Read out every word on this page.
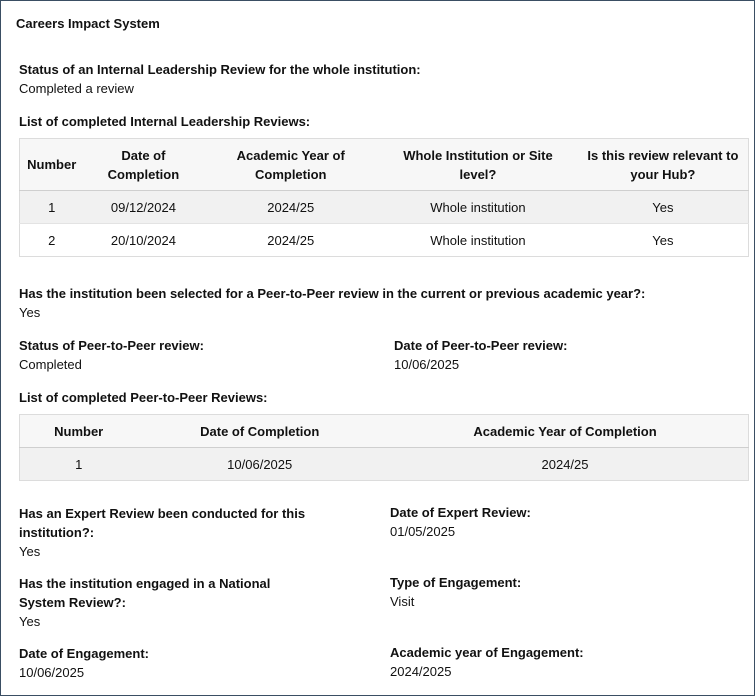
Careers Impact System
Status of an Internal Leadership Review for the whole institution:
Completed a review
List of completed Internal Leadership Reviews:
Number	Date of Completion	Academic Year of Completion	Whole Institution or Site level?	Is this review relevant to your Hub?
1	09/12/2024	2024/25	Whole institution	Yes
2	20/10/2024	2024/25	Whole institution	Yes
Has the institution been selected for a Peer-to-Peer review in the current or previous academic year?:
Yes
Status of Peer-to-Peer review:
Completed
Date of Peer-to-Peer review:
10/06/2025
List of completed Peer-to-Peer Reviews:
Number	Date of Completion	Academic Year of Completion
1	10/06/2025	2024/25
Has an Expert Review been conducted for this institution?:
Yes
Date of Expert Review:
01/05/2025
Has the institution engaged in a National System Review?:
Yes
Type of Engagement:
Visit
Date of Engagement:
10/06/2025
Academic year of Engagement:
2024/2025
